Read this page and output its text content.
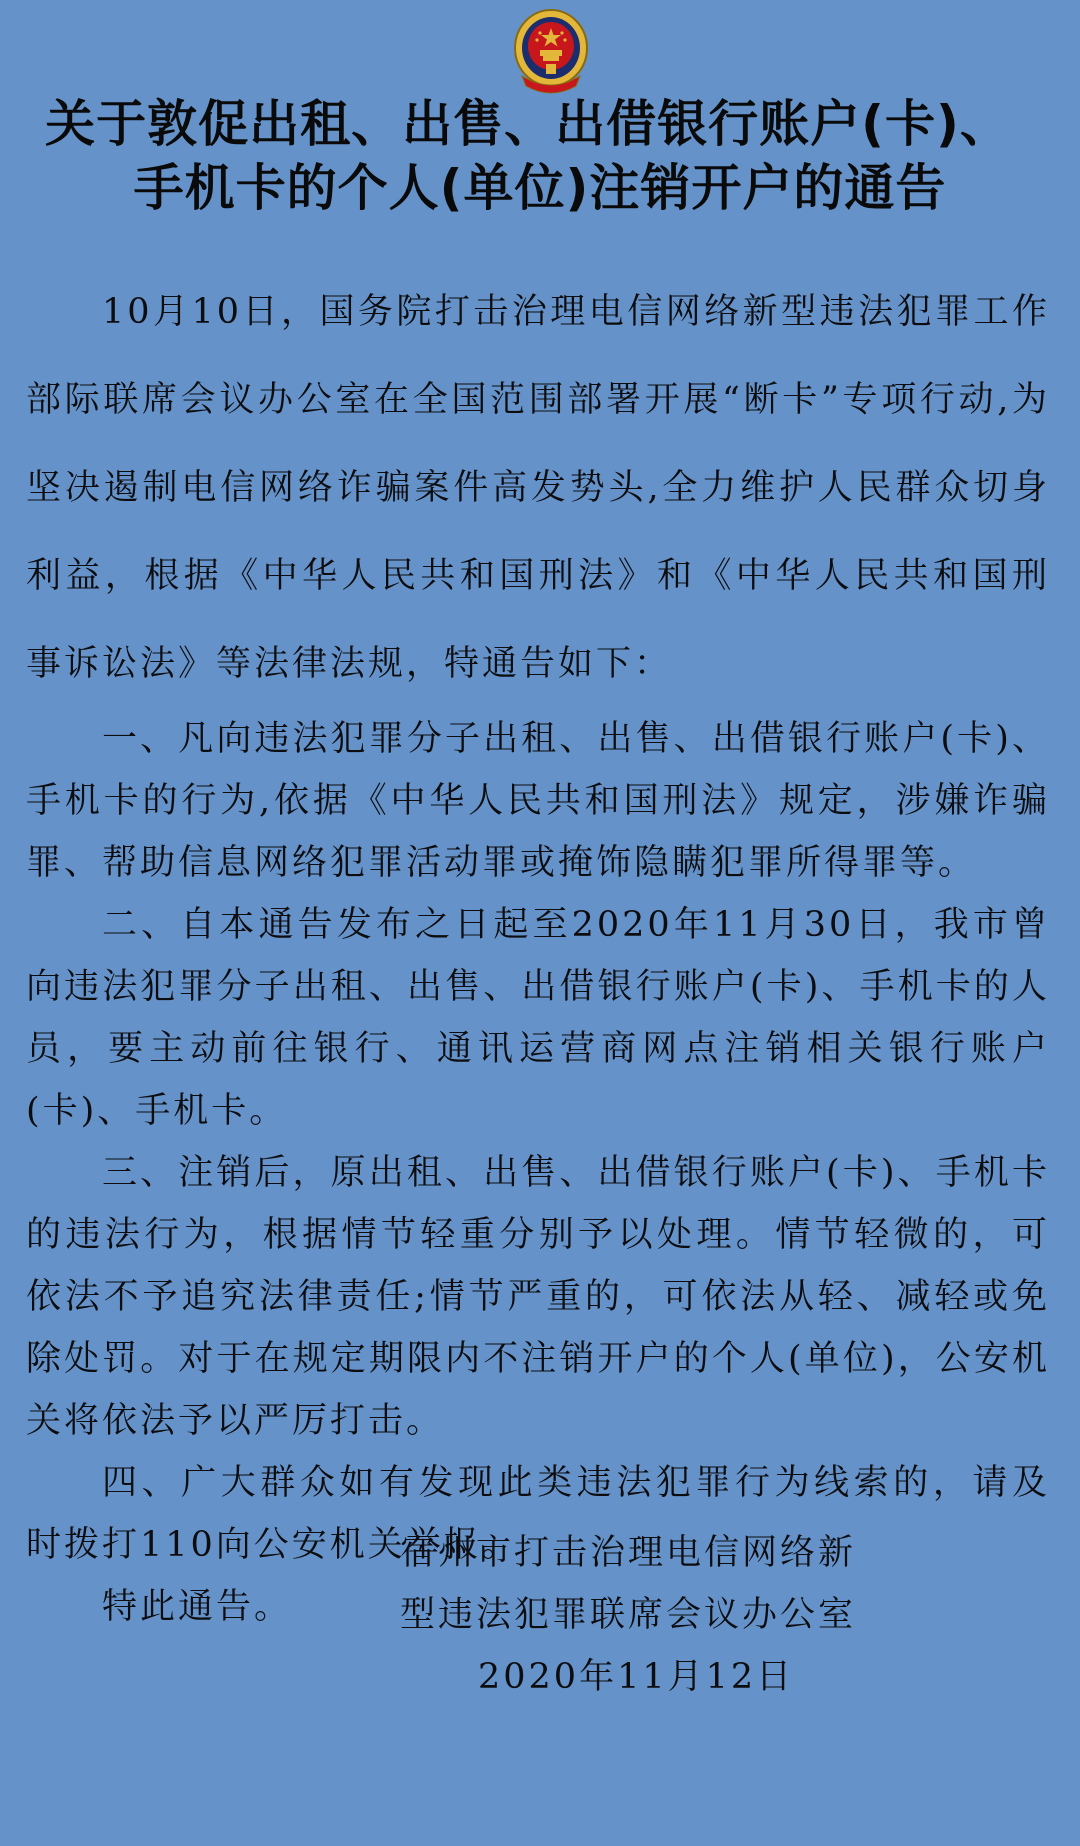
关于敦促出租、出售、出借银行账户(卡)、
手机卡的个人(单位)注销开户的通告

10月10日，国务院打击治理电信网络新型违法犯罪工作部际联席会议办公室在全国范围部署开展“断卡”专项行动,为坚决遏制电信网络诈骗案件高发势头,全力维护人民群众切身利益，根据《中华人民共和国刑法》和《中华人民共和国刑事诉讼法》等法律法规，特通告如下：

一、凡向违法犯罪分子出租、出售、出借银行账户(卡)、手机卡的行为,依据《中华人民共和国刑法》规定，涉嫌诈骗罪、帮助信息网络犯罪活动罪或掩饰隐瞒犯罪所得罪等。

二、自本通告发布之日起至2020年11月30日，我市曾向违法犯罪分子出租、出售、出借银行账户(卡)、手机卡的人员，要主动前往银行、通讯运营商网点注销相关银行账户(卡)、手机卡。

三、注销后，原出租、出售、出借银行账户(卡)、手机卡的违法行为，根据情节轻重分别予以处理。情节轻微的，可依法不予追究法律责任;情节严重的，可依法从轻、减轻或免除处罚。对于在规定期限内不注销开户的个人(单位)，公安机关将依法予以严厉打击。

四、广大群众如有发现此类违法犯罪行为线索的，请及时拨打110向公安机关举报。

特此通告。

宿州市打击治理电信网络新
型违法犯罪联席会议办公室
2020年11月12日
